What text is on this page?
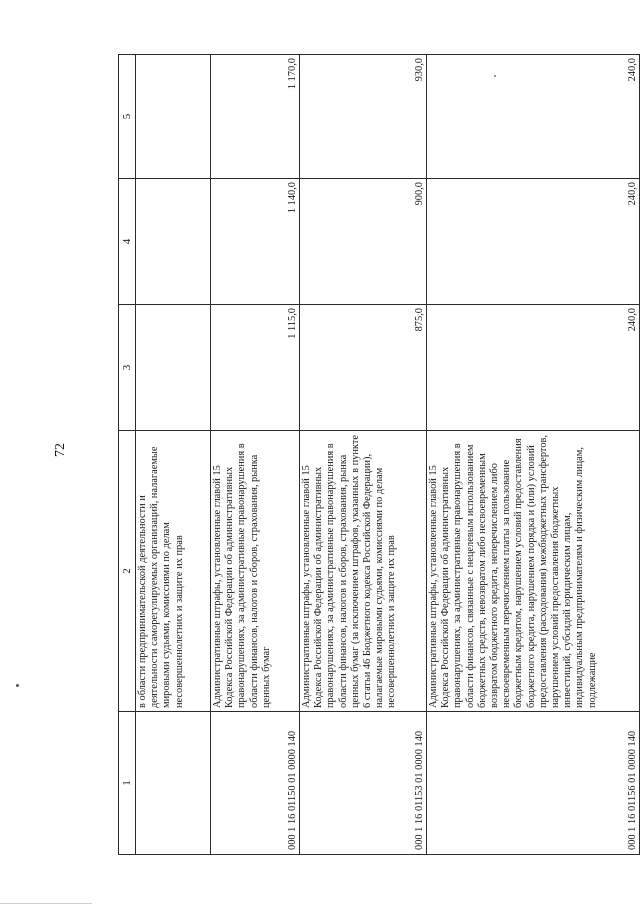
72
1	2	3	4	5
	в области предпринимательской деятельности и деятельности саморегулируемых организаций, налагаемые мировыми судьями, комиссиями по делам несовершеннолетних и защите их прав			
000 1 16 01150 01 0000 140	Административные штрафы, установленные главой 15 Кодекса Российской Федерации об административных правонарушениях, за административные правонарушения в области финансов, налогов и сборов, страхования, рынка ценных бумаг	1 115,0	1 140,0	1 170,0
000 1 16 01153 01 0000 140	Административные штрафы, установленные главой 15 Кодекса Российской Федерации об административных правонарушениях, за административные правонарушения в области финансов, налогов и сборов, страхования, рынка ценных бумаг (за исключением штрафов, указанных в пункте 6 статьи 46 Бюджетного кодекса Российской Федерации), налагаемые мировыми судьями, комиссиями по делам несовершеннолетних и защите их прав	875,0	900,0	930,0
000 1 16 01156 01 0000 140	Административные штрафы, установленные главой 15 Кодекса Российской Федерации об административных правонарушениях, за административные правонарушения в области финансов, связанные с нецелевым использованием бюджетных средств, невозвратом либо несвоевременным возвратом бюджетного кредита, неперечислением либо несвоевременным перечислением платы за пользование бюджетным кредитом, нарушением условий предоставления бюджетного кредита, нарушением порядка и (или) условий предоставления (расходования) межбюджетных трансфертов, нарушением условий предоставления бюджетных инвестиций, субсидий юридическим лицам, индивидуальным предпринимателям и физическим лицам, подлежащие	240,0	240,0	240,0
